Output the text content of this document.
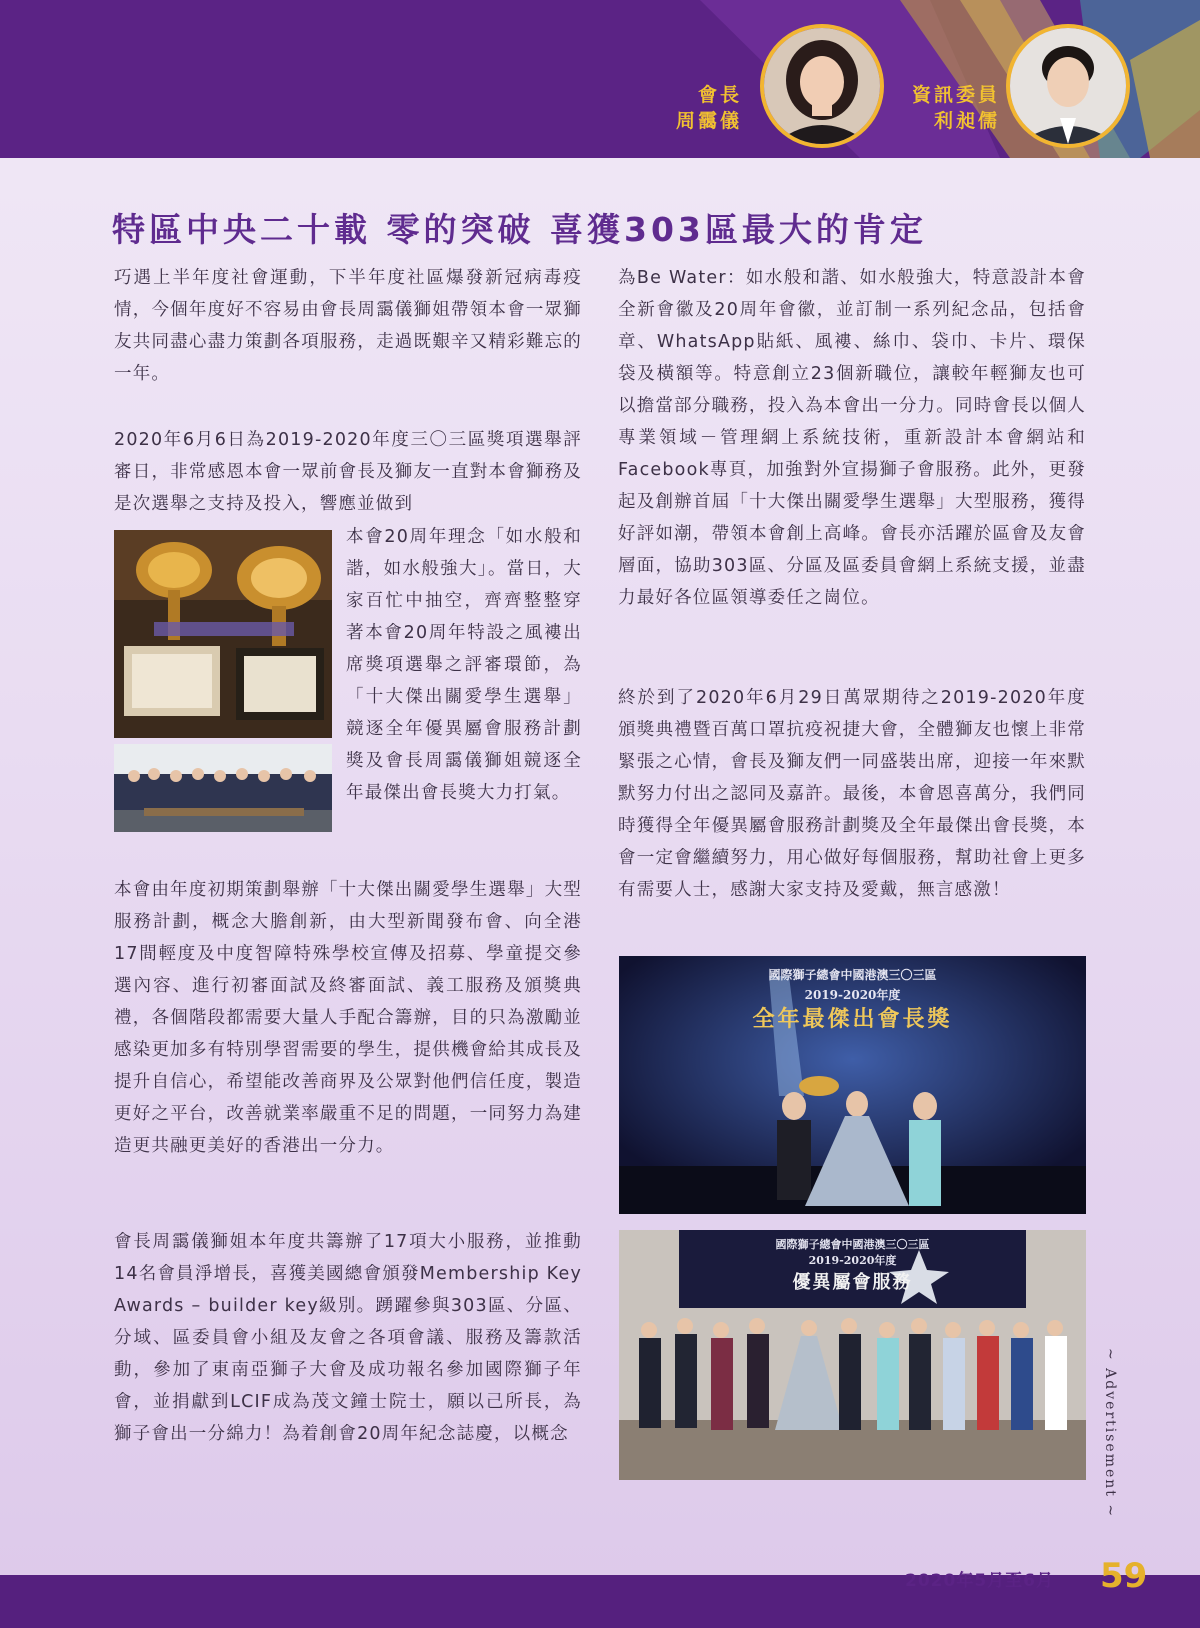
會長
周靄儀
資訊委員
利昶儒
特區中央二十載 零的突破 喜獲303區最大的肯定
巧遇上半年度社會運動，下半年度社區爆發新冠病毒疫情，今個年度好不容易由會長周靄儀獅姐帶領本會一眾獅友共同盡心盡力策劃各項服務，走過既艱辛又精彩難忘的一年。
2020年6月6日為2019-2020年度三〇三區獎項選舉評審日，非常感恩本會一眾前會長及獅友一直對本會獅務及是次選舉之支持及投入，響應並做到
本會20周年理念「如水般和諧，如水般強大」。當日，大家百忙中抽空，齊齊整整穿著本會20周年特設之風褸出席獎項選舉之評審環節，為「十大傑出關愛學生選舉」競逐全年優異屬會服務計劃獎及會長周靄儀獅姐競逐全年最傑出會長獎大力打氣。
本會由年度初期策劃舉辦「十大傑出關愛學生選舉」大型服務計劃，概念大膽創新，由大型新聞發布會、向全港17間輕度及中度智障特殊學校宣傳及招募、學童提交參選內容、進行初審面試及終審面試、義工服務及頒獎典禮，各個階段都需要大量人手配合籌辦，目的只為激勵並感染更加多有特別學習需要的學生，提供機會給其成長及提升自信心，希望能改善商界及公眾對他們信任度，製造更好之平台，改善就業率嚴重不足的問題，一同努力為建造更共融更美好的香港出一分力。
會長周靄儀獅姐本年度共籌辦了17項大小服務，並推動14名會員淨增長，喜獲美國總會頒發Membership Key Awards – builder key級別。踴躍參與303區、分區、分域、區委員會小組及友會之各項會議、服務及籌款活動，參加了東南亞獅子大會及成功報名參加國際獅子年會，並捐獻到LCIF成為茂文鐘士院士，願以己所長，為獅子會出一分綿力！為着創會20周年紀念誌慶，以概念
為Be Water：如水般和諧、如水般強大，特意設計本會全新會徽及20周年會徽，並訂制一系列紀念品，包括會章、WhatsApp貼紙、風褸、絲巾、袋巾、卡片、環保袋及橫額等。特意創立23個新職位，讓較年輕獅友也可以擔當部分職務，投入為本會出一分力。同時會長以個人專業領域－管理網上系統技術，重新設計本會網站和 Facebook專頁，加強對外宣揚獅子會服務。此外，更發起及創辦首屆「十大傑出關愛學生選舉」大型服務，獲得好評如潮，帶領本會創上高峰。會長亦活躍於區會及友會層面，協助303區、分區及區委員會網上系統支援，並盡力最好各位區領導委任之崗位。
終於到了2020年6月29日萬眾期待之2019-2020年度頒獎典禮暨百萬口罩抗疫祝捷大會，全體獅友也懷上非常緊張之心情，會長及獅友們一同盛裝出席，迎接一年來默默努力付出之認同及嘉許。最後，本會恩喜萬分，我們同時獲得全年優異屬會服務計劃獎及全年最傑出會長獎，本會一定會繼續努力，用心做好每個服務，幫助社會上更多有需要人士，感謝大家支持及愛戴，無言感激！
國際獅子總會中國港澳三〇三區
2019-2020年度
全年最傑出會長獎
國際獅子總會中國港澳三〇三區
2019-2020年度
優異屬會服務
~ Advertisement ~
2020年5月至6月 59
